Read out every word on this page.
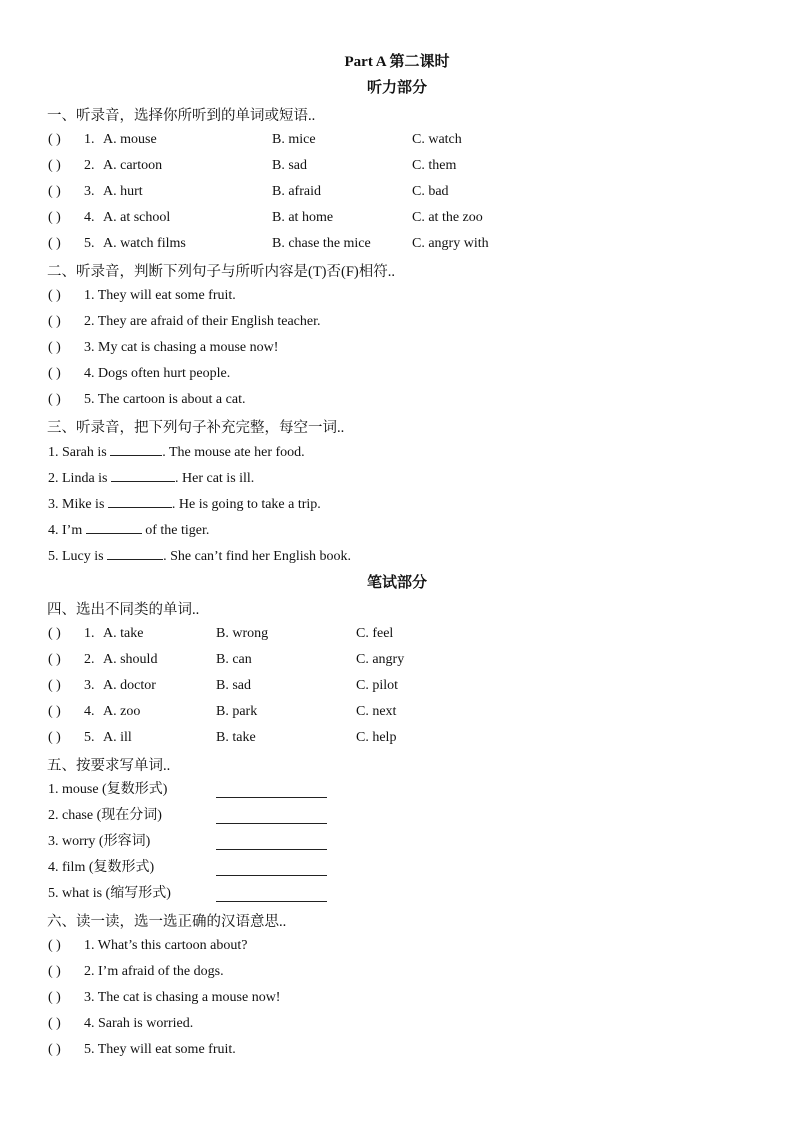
Part A 第二课时
听力部分
一、听录音，选择你所听到的单词或短语..
( ) 1. A. mouse	B. mice	C. watch
( ) 2. A. cartoon	B. sad	C. them
( ) 3. A. hurt	B. afraid	C. bad
( ) 4. A. at school	B. at home	C. at the zoo
( ) 5. A. watch films	B. chase the mice	C. angry with
二、听录音，判断下列句子与所听内容是(T)否(F)相符..
( ) 1. They will eat some fruit.
( ) 2. They are afraid of their English teacher.
( ) 3. My cat is chasing a mouse now!
( ) 4. Dogs often hurt people.
( ) 5. The cartoon is about a cat.
三、听录音，把下列句子补充完整，每空一词..
1. Sarah is	. The mouse ate her food.
2. Linda is	. Her cat is ill.
3. Mike is	. He is going to take a trip.
4. I’m	of the tiger.
5. Lucy is	. She can’t find her English book.
笔试部分
四、选出不同类的单词..
( ) 1. A. take	B. wrong	C. feel
( ) 2. A. should	B. can	C. angry
( ) 3. A. doctor	B. sad	C. pilot
( ) 4. A. zoo	B. park	C. next
( ) 5. A. ill	B. take	C. help
五、按要求写单词..
1. mouse (复数形式)
2. chase (现在分词)
3. worry (形容词)
4. film (复数形式)
5. what is (缩写形式)
六、读一读，选一选正确的汉语意思..
( ) 1. What’s this cartoon about?
( ) 2. I’m afraid of the dogs.
( ) 3. The cat is chasing a mouse now!
( ) 4. Sarah is worried.
( ) 5. They will eat some fruit.
